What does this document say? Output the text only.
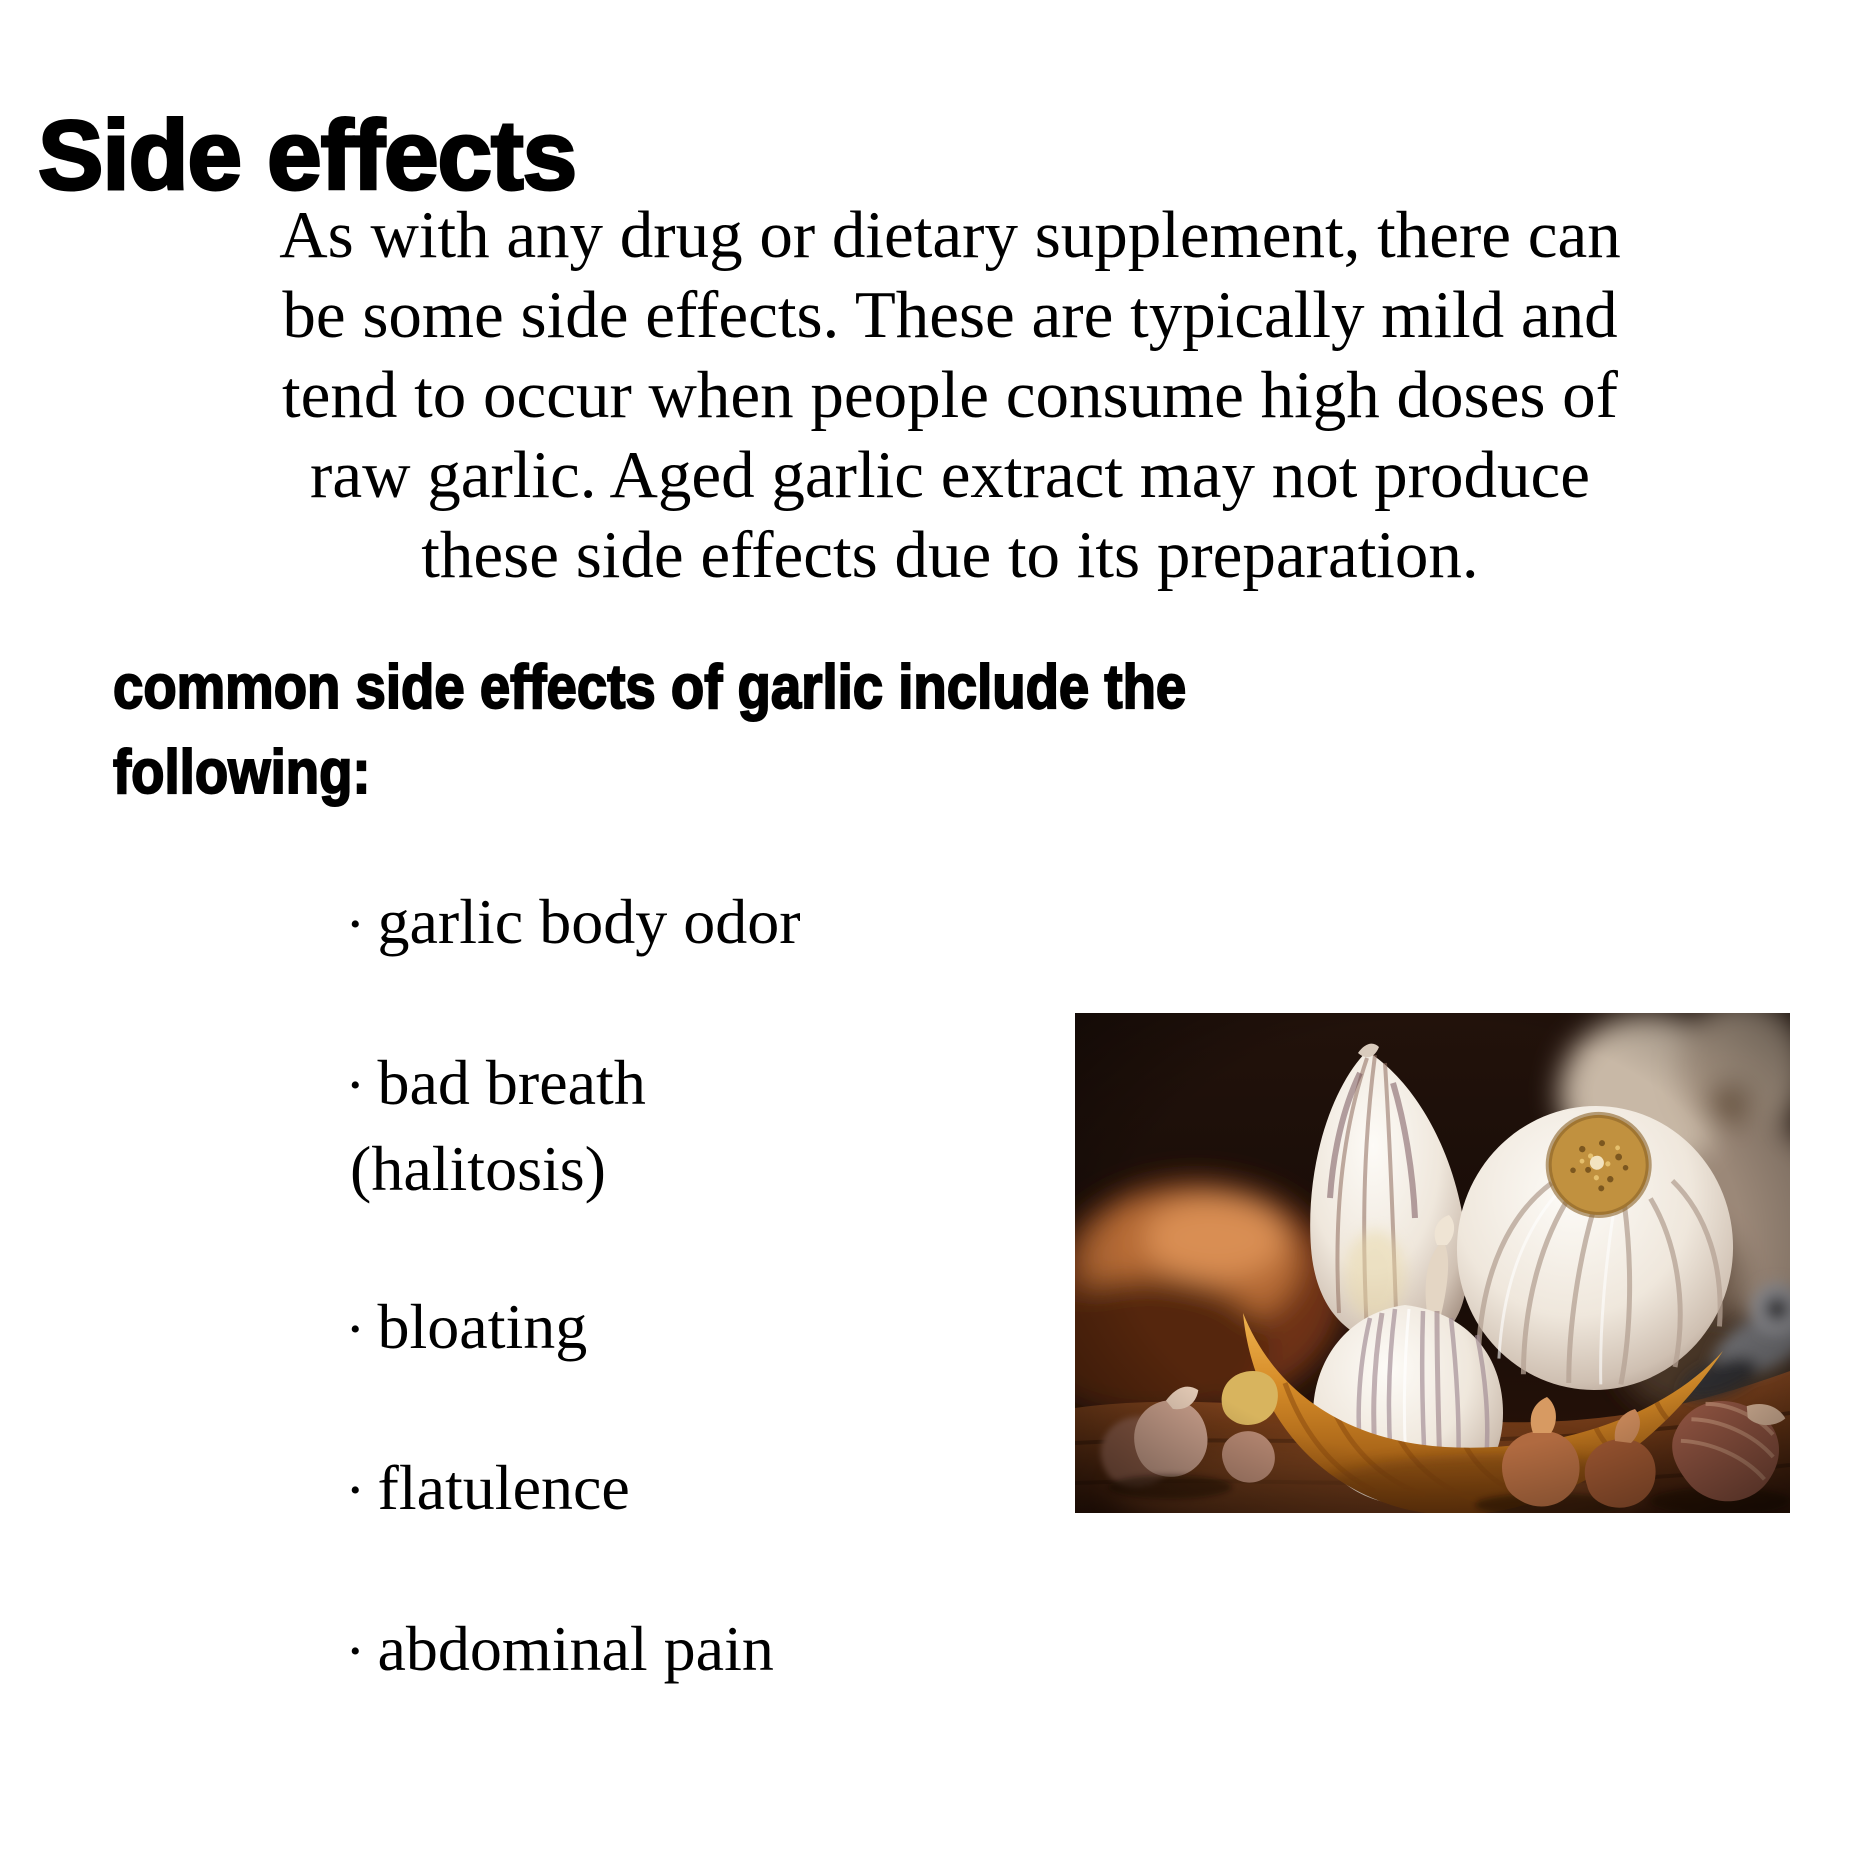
Side effects
As with any drug or dietary supplement, there can
be some side effects. These are typically mild and
tend to occur when people consume high doses of
raw garlic. Aged garlic extract may not produce
these side effects due to its preparation.
common side effects of garlic include the
following:
• garlic body odor
• bad breath (halitosis)
• bloating
• flatulence
• abdominal pain
